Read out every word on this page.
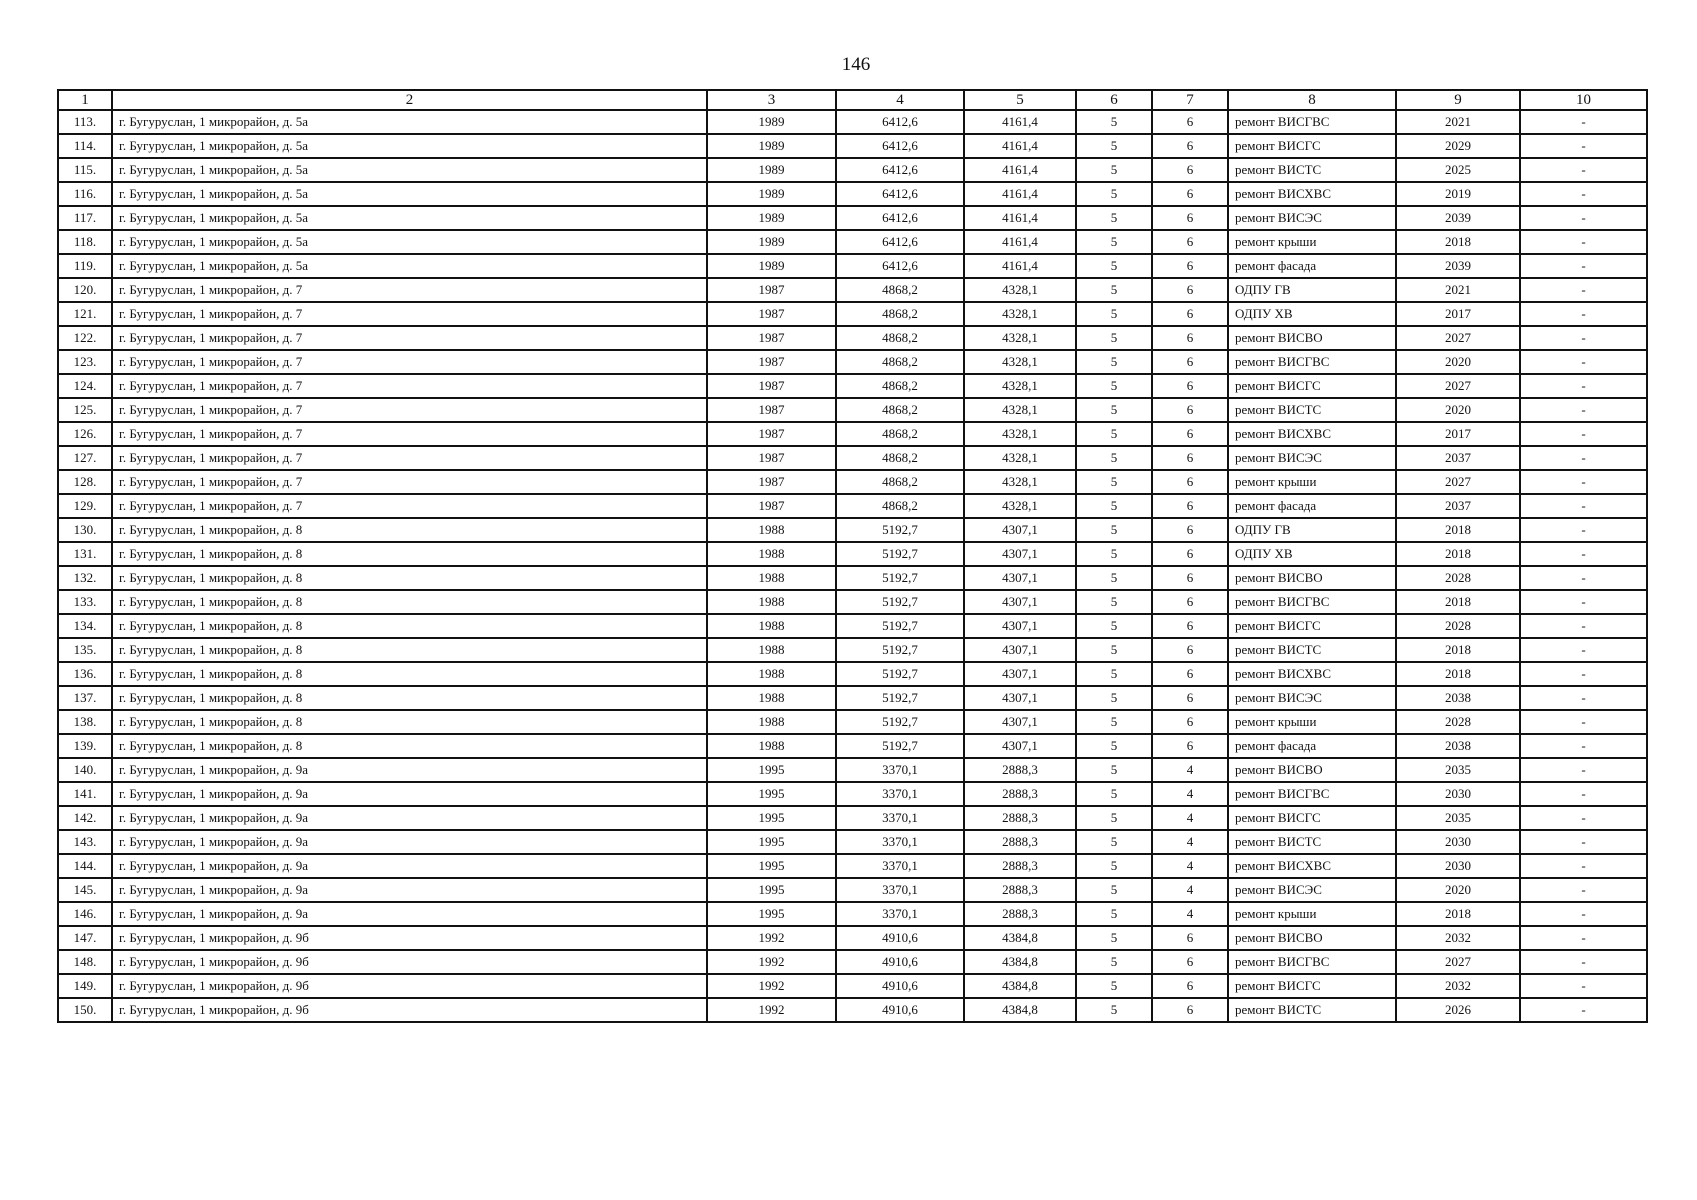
146
1	2	3	4	5	6	7	8	9	10
113.	г. Бугуруслан, 1 микрорайон, д. 5а	1989	6412,6	4161,4	5	6	ремонт ВИСГВС	2021	-
114.	г. Бугуруслан, 1 микрорайон, д. 5а	1989	6412,6	4161,4	5	6	ремонт ВИСГС	2029	-
115.	г. Бугуруслан, 1 микрорайон, д. 5а	1989	6412,6	4161,4	5	6	ремонт ВИСТС	2025	-
116.	г. Бугуруслан, 1 микрорайон, д. 5а	1989	6412,6	4161,4	5	6	ремонт ВИСХВС	2019	-
117.	г. Бугуруслан, 1 микрорайон, д. 5а	1989	6412,6	4161,4	5	6	ремонт ВИСЭС	2039	-
118.	г. Бугуруслан, 1 микрорайон, д. 5а	1989	6412,6	4161,4	5	6	ремонт крыши	2018	-
119.	г. Бугуруслан, 1 микрорайон, д. 5а	1989	6412,6	4161,4	5	6	ремонт фасада	2039	-
120.	г. Бугуруслан, 1 микрорайон, д. 7	1987	4868,2	4328,1	5	6	ОДПУ ГВ	2021	-
121.	г. Бугуруслан, 1 микрорайон, д. 7	1987	4868,2	4328,1	5	6	ОДПУ ХВ	2017	-
122.	г. Бугуруслан, 1 микрорайон, д. 7	1987	4868,2	4328,1	5	6	ремонт ВИСВО	2027	-
123.	г. Бугуруслан, 1 микрорайон, д. 7	1987	4868,2	4328,1	5	6	ремонт ВИСГВС	2020	-
124.	г. Бугуруслан, 1 микрорайон, д. 7	1987	4868,2	4328,1	5	6	ремонт ВИСГС	2027	-
125.	г. Бугуруслан, 1 микрорайон, д. 7	1987	4868,2	4328,1	5	6	ремонт ВИСТС	2020	-
126.	г. Бугуруслан, 1 микрорайон, д. 7	1987	4868,2	4328,1	5	6	ремонт ВИСХВС	2017	-
127.	г. Бугуруслан, 1 микрорайон, д. 7	1987	4868,2	4328,1	5	6	ремонт ВИСЭС	2037	-
128.	г. Бугуруслан, 1 микрорайон, д. 7	1987	4868,2	4328,1	5	6	ремонт крыши	2027	-
129.	г. Бугуруслан, 1 микрорайон, д. 7	1987	4868,2	4328,1	5	6	ремонт фасада	2037	-
130.	г. Бугуруслан, 1 микрорайон, д. 8	1988	5192,7	4307,1	5	6	ОДПУ ГВ	2018	-
131.	г. Бугуруслан, 1 микрорайон, д. 8	1988	5192,7	4307,1	5	6	ОДПУ ХВ	2018	-
132.	г. Бугуруслан, 1 микрорайон, д. 8	1988	5192,7	4307,1	5	6	ремонт ВИСВО	2028	-
133.	г. Бугуруслан, 1 микрорайон, д. 8	1988	5192,7	4307,1	5	6	ремонт ВИСГВС	2018	-
134.	г. Бугуруслан, 1 микрорайон, д. 8	1988	5192,7	4307,1	5	6	ремонт ВИСГС	2028	-
135.	г. Бугуруслан, 1 микрорайон, д. 8	1988	5192,7	4307,1	5	6	ремонт ВИСТС	2018	-
136.	г. Бугуруслан, 1 микрорайон, д. 8	1988	5192,7	4307,1	5	6	ремонт ВИСХВС	2018	-
137.	г. Бугуруслан, 1 микрорайон, д. 8	1988	5192,7	4307,1	5	6	ремонт ВИСЭС	2038	-
138.	г. Бугуруслан, 1 микрорайон, д. 8	1988	5192,7	4307,1	5	6	ремонт крыши	2028	-
139.	г. Бугуруслан, 1 микрорайон, д. 8	1988	5192,7	4307,1	5	6	ремонт фасада	2038	-
140.	г. Бугуруслан, 1 микрорайон, д. 9а	1995	3370,1	2888,3	5	4	ремонт ВИСВО	2035	-
141.	г. Бугуруслан, 1 микрорайон, д. 9а	1995	3370,1	2888,3	5	4	ремонт ВИСГВС	2030	-
142.	г. Бугуруслан, 1 микрорайон, д. 9а	1995	3370,1	2888,3	5	4	ремонт ВИСГС	2035	-
143.	г. Бугуруслан, 1 микрорайон, д. 9а	1995	3370,1	2888,3	5	4	ремонт ВИСТС	2030	-
144.	г. Бугуруслан, 1 микрорайон, д. 9а	1995	3370,1	2888,3	5	4	ремонт ВИСХВС	2030	-
145.	г. Бугуруслан, 1 микрорайон, д. 9а	1995	3370,1	2888,3	5	4	ремонт ВИСЭС	2020	-
146.	г. Бугуруслан, 1 микрорайон, д. 9а	1995	3370,1	2888,3	5	4	ремонт крыши	2018	-
147.	г. Бугуруслан, 1 микрорайон, д. 9б	1992	4910,6	4384,8	5	6	ремонт ВИСВО	2032	-
148.	г. Бугуруслан, 1 микрорайон, д. 9б	1992	4910,6	4384,8	5	6	ремонт ВИСГВС	2027	-
149.	г. Бугуруслан, 1 микрорайон, д. 9б	1992	4910,6	4384,8	5	6	ремонт ВИСГС	2032	-
150.	г. Бугуруслан, 1 микрорайон, д. 9б	1992	4910,6	4384,8	5	6	ремонт ВИСТС	2026	-
